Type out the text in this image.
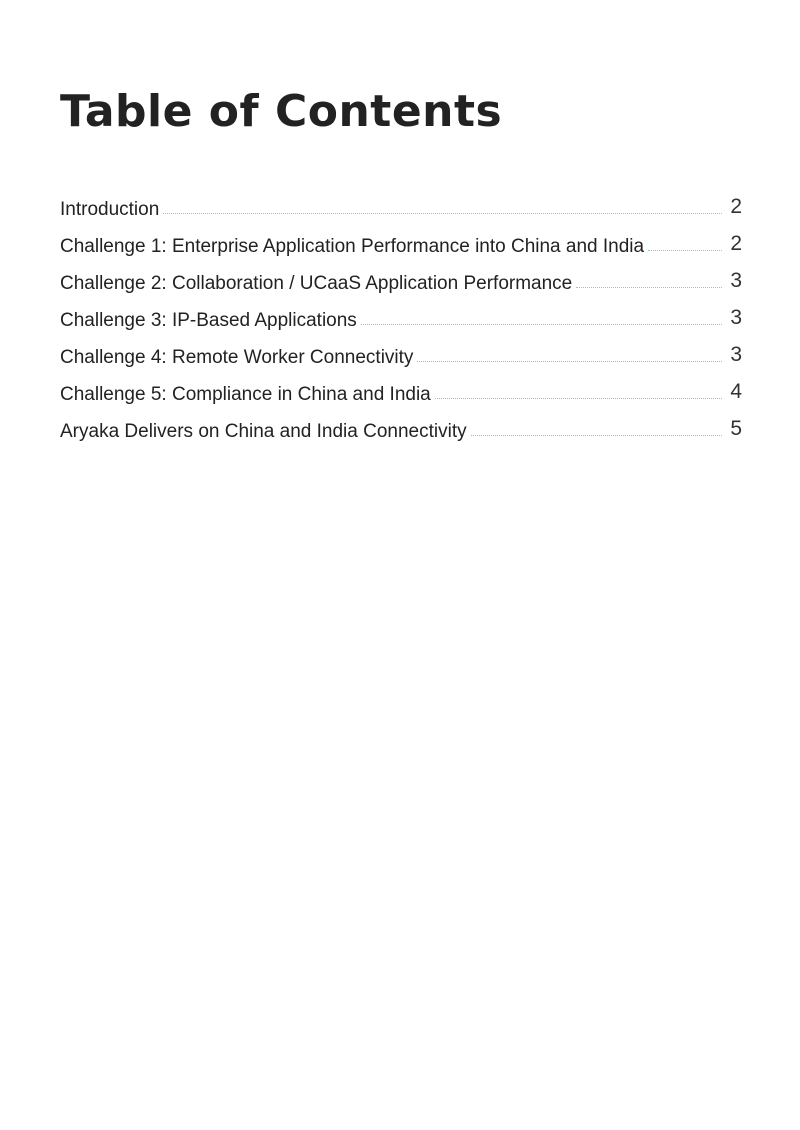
Table of Contents
Introduction	2
Challenge 1: Enterprise Application Performance into China and India	2
Challenge 2: Collaboration / UCaaS Application Performance	3
Challenge 3: IP-Based Applications	3
Challenge 4: Remote Worker Connectivity	3
Challenge 5: Compliance in China and India	4
Aryaka Delivers on China and India Connectivity	5
